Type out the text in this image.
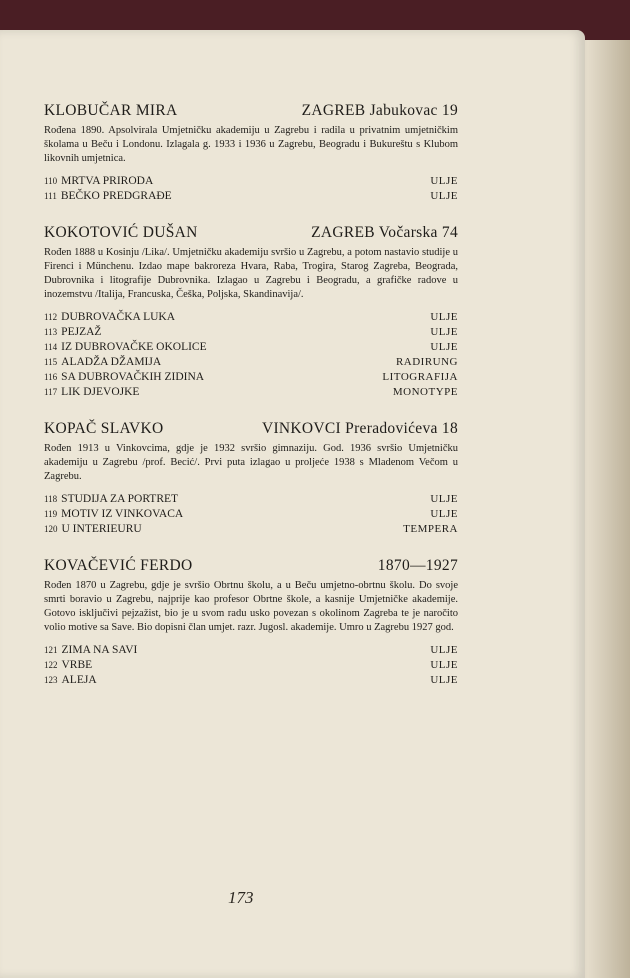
KLOBUČAR MIRA	ZAGREB Jabukovac 19
Rođena 1890. Apsolvirala Umjetničku akademiju u Zagrebu i radila u privatnim umjetničkim školama u Beču i Londonu. Izlagala g. 1933 i 1936 u Zagrebu, Beogradu i Bukureštu s Klubom likovnih umjetnica.
110 MRTVA PRIRODA	ULJE
111 BEČKO PREDGRAĐE	ULJE
KOKOTOVIĆ DUŠAN	ZAGREB Vočarska 74
Rođen 1888 u Kosinju /Lika/. Umjetničku akademiju svršio u Zagrebu, a potom nastavio studije u Firenci i Münchenu. Izdao mape bakroreza Hvara, Raba, Trogira, Starog Zagreba, Beograda, Dubrovnika i litografije Dubrovnika. Izlagao u Zagrebu i Beogradu, a grafičke radove u inozemstvu /Italija, Francuska, Češka, Poljska, Skandinavija/.
112 DUBROVAČKA LUKA	ULJE
113 PEJZAŽ	ULJE
114 IZ DUBROVAČKE OKOLICE	ULJE
115 ALADŽA DŽAMIJA	RADIRUNG
116 SA DUBROVAČKIH ZIDINA	LITOGRAFIJA
117 LIK DJEVOJKE	MONOTYPE
KOPAČ SLAVKO	VINKOVCI Preradovićeva 18
Rođen 1913 u Vinkovcima, gdje je 1932 svršio gimnaziju. God. 1936 svršio Umjetničku akademiju u Zagrebu /prof. Becić/. Prvi puta izlagao u proljeće 1938 s Mladenom Večom u Zagrebu.
118 STUDIJA ZA PORTRET	ULJE
119 MOTIV IZ VINKOVACA	ULJE
120 U INTERIEURU	TEMPERA
KOVAČEVIĆ FERDO	1870—1927
Rođen 1870 u Zagrebu, gdje je svršio Obrtnu školu, a u Beču umjetno-obrtnu školu. Do svoje smrti boravio u Zagrebu, najprije kao profesor Obrtne škole, a kasnije Umjetničke akademije. Gotovo isključivi pejzažist, bio je u svom radu usko povezan s okolinom Zagreba te je naročito volio motive sa Save. Bio dopisni član umjet. razr. Jugosl. akademije. Umro u Zagrebu 1927 god.
121 ZIMA NA SAVI	ULJE
122 VRBE	ULJE
123 ALEJA	ULJE
173
